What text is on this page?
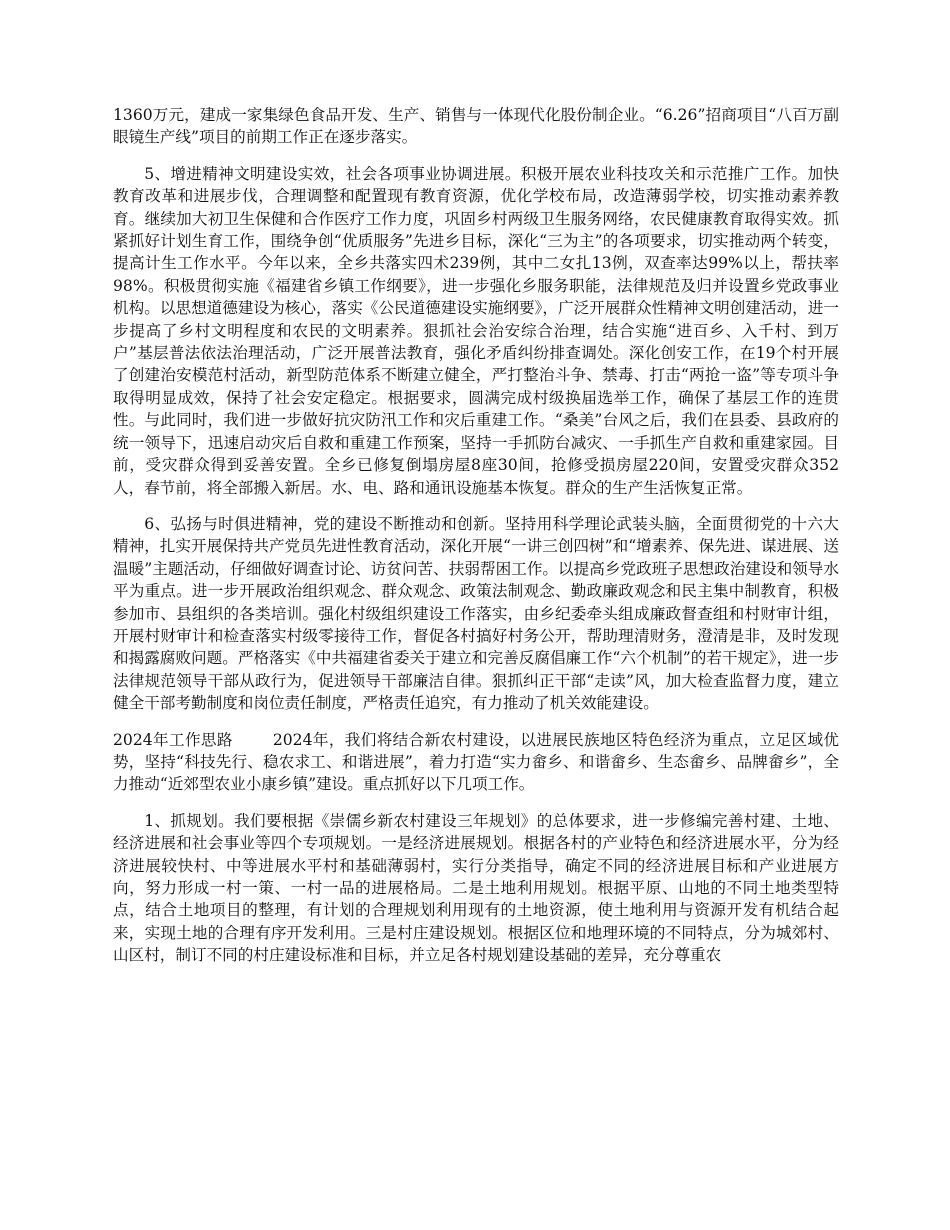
1360万元，建成一家集绿色食品开发、生产、销售与一体现代化股份制企业。“6.26”招商项目“八百万副眼镜生产线”项目的前期工作正在逐步落实。

5、增进精神文明建设实效，社会各项事业协调进展。积极开展农业科技攻关和示范推广工作。加快教育改革和进展步伐，合理调整和配置现有教育资源，优化学校布局，改造薄弱学校，切实推动素养教育。继续加大初卫生保健和合作医疗工作力度，巩固乡村两级卫生服务网络，农民健康教育取得实效。抓紧抓好计划生育工作，围绕争创“优质服务”先进乡目标，深化“三为主”的各项要求，切实推动两个转变，提高计生工作水平。今年以来，全乡共落实四术239例，其中二女扎13例，双查率达99%以上，帮扶率98%。积极贯彻实施《福建省乡镇工作纲要》，进一步强化乡服务职能，法律规范及归并设置乡党政事业机构。以思想道德建设为核心，落实《公民道德建设实施纲要》，广泛开展群众性精神文明创建活动，进一步提高了乡村文明程度和农民的文明素养。狠抓社会治安综合治理，结合实施“进百乡、入千村、到万户”基层普法依法治理活动，广泛开展普法教育，强化矛盾纠纷排查调处。深化创安工作，在19个村开展了创建治安模范村活动，新型防范体系不断建立健全，严打整治斗争、禁毒、打击“两抢一盗”等专项斗争取得明显成效，保持了社会安定稳定。根据要求，圆满完成村级换届选举工作，确保了基层工作的连贯性。与此同时，我们进一步做好抗灾防汛工作和灾后重建工作。“桑美”台风之后，我们在县委、县政府的统一领导下，迅速启动灾后自救和重建工作预案，坚持一手抓防台减灾、一手抓生产自救和重建家园。目前，受灾群众得到妥善安置。全乡已修复倒塌房屋8座30间，抢修受损房屋220间，安置受灾群众352人，春节前，将全部搬入新居。水、电、路和通讯设施基本恢复。群众的生产生活恢复正常。

6、弘扬与时俱进精神，党的建设不断推动和创新。坚持用科学理论武装头脑，全面贯彻党的十六大精神，扎实开展保持共产党员先进性教育活动，深化开展“一讲三创四树”和“增素养、保先进、谋进展、送温暖”主题活动，仔细做好调查讨论、访贫问苦、扶弱帮困工作。以提高乡党政班子思想政治建设和领导水平为重点。进一步开展政治组织观念、群众观念、政策法制观念、勤政廉政观念和民主集中制教育，积极参加市、县组织的各类培训。强化村级组织建设工作落实，由乡纪委牵头组成廉政督查组和村财审计组，开展村财审计和检查落实村级零接待工作，督促各村搞好村务公开，帮助理清财务，澄清是非，及时发现和揭露腐败问题。严格落实《中共福建省委关于建立和完善反腐倡廉工作“六个机制”的若干规定》，进一步法律规范领导干部从政行为，促进领导干部廉洁自律。狠抓纠正干部“走读”风，加大检查监督力度，建立健全干部考勤制度和岗位责任制度，严格责任追究，有力推动了机关效能建设。

2024年工作思路	2024年，我们将结合新农村建设，以进展民族地区特色经济为重点，立足区域优势，坚持“科技先行、稳农求工、和谐进展”，着力打造“实力畲乡、和谐畲乡、生态畲乡、品牌畲乡”，全力推动“近郊型农业小康乡镇”建设。重点抓好以下几项工作。

1、抓规划。我们要根据《崇儒乡新农村建设三年规划》的总体要求，进一步修编完善村建、土地、经济进展和社会事业等四个专项规划。一是经济进展规划。根据各村的产业特色和经济进展水平，分为经济进展较快村、中等进展水平村和基础薄弱村，实行分类指导，确定不同的经济进展目标和产业进展方向，努力形成一村一策、一村一品的进展格局。二是土地利用规划。根据平原、山地的不同土地类型特点，结合土地项目的整理，有计划的合理规划利用现有的土地资源，使土地利用与资源开发有机结合起来，实现土地的合理有序开发利用。三是村庄建设规划。根据区位和地理环境的不同特点，分为城郊村、山区村，制订不同的村庄建设标准和目标，并立足各村规划建设基础的差异，充分尊重农
